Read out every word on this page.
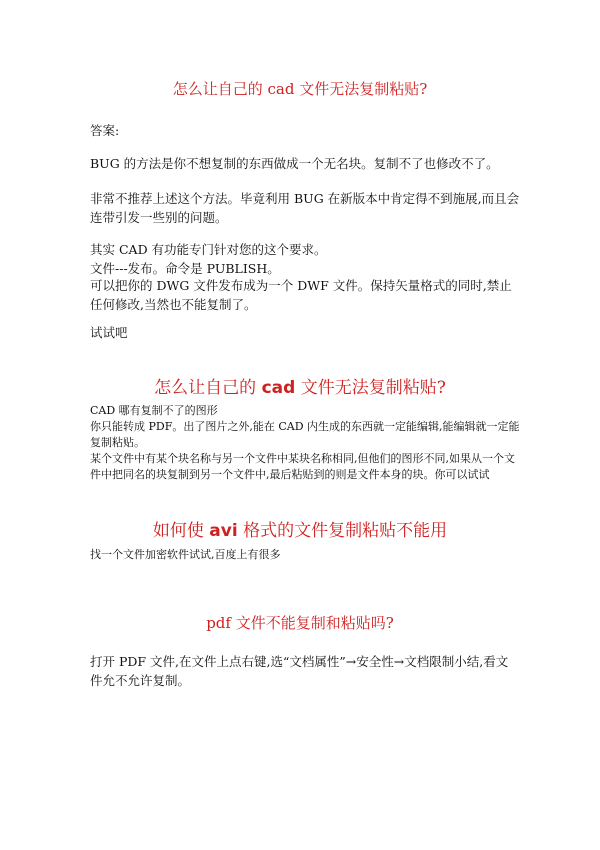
怎么让自己的 cad 文件无法复制粘贴?
答案:
BUG 的方法是你不想复制的东西做成一个无名块。复制不了也修改不了。
非常不推荐上述这个方法。毕竟利用 BUG 在新版本中肯定得不到施展,而且会连带引发一些别的问题。
其实 CAD 有功能专门针对您的这个要求。
文件---发布。命令是 PUBLISH。
可以把你的 DWG 文件发布成为一个 DWF 文件。保持矢量格式的同时,禁止任何修改,当然也不能复制了。
试试吧
怎么让自己的 cad 文件无法复制粘贴?
CAD 哪有复制不了的图形
你只能转成 PDF。出了图片之外,能在 CAD 内生成的东西就一定能编辑,能编辑就一定能复制粘贴。
某个文件中有某个块名称与另一个文件中某块名称相同,但他们的图形不同,如果从一个文件中把同名的块复制到另一个文件中,最后粘贴到的则是文件本身的块。你可以试试
如何使 avi 格式的文件复制粘贴不能用
找一个文件加密软件试试,百度上有很多
pdf 文件不能复制和粘贴吗?
打开 PDF 文件,在文件上点右键,选“文档属性”→安全性→文档限制小结,看文件允不允许复制。
